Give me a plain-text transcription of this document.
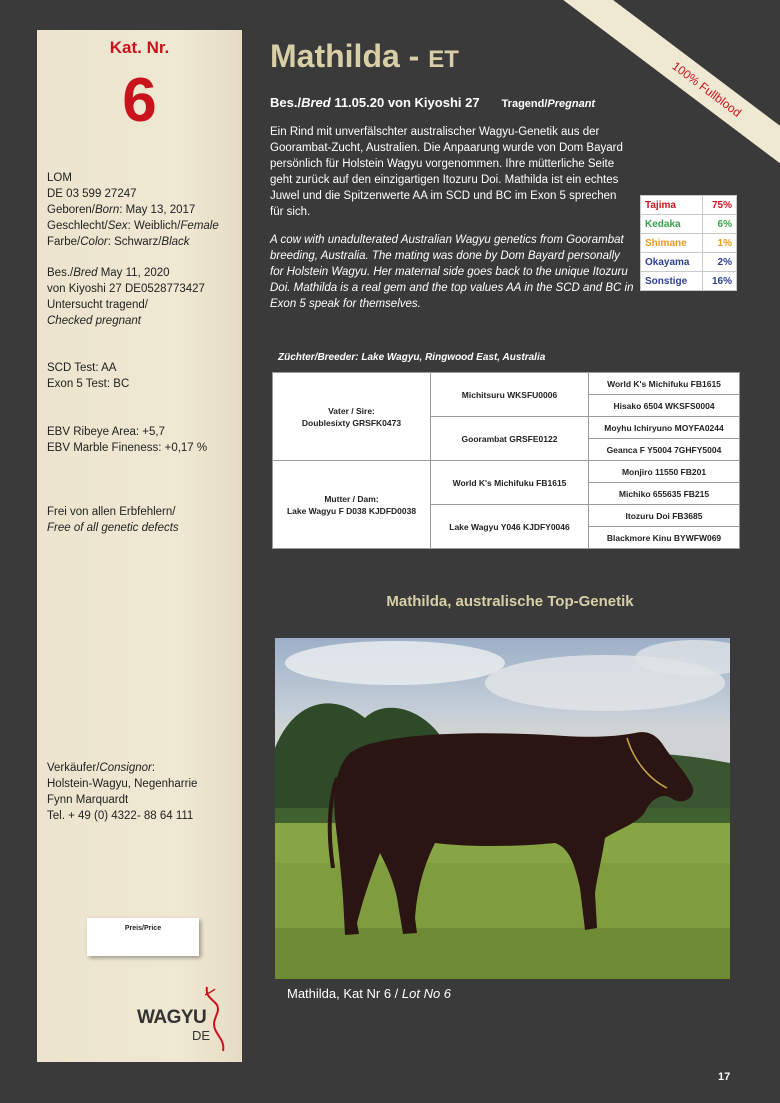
100% Fullblood
Kat. Nr.
6
LOM
DE 03 599 27247
Geboren/Born: May 13, 2017
Geschlecht/Sex: Weiblich/Female
Farbe/Color: Schwarz/Black
Bes./Bred May 11, 2020
von Kiyoshi 27 DE0528773427
Untersucht tragend/
Checked pregnant
SCD Test: AA
Exon 5 Test: BC
EBV Ribeye Area: +5,7
EBV Marble Fineness: +0,17 %
Frei von allen Erbfehlern/
Free of all genetic defects
Verkäufer/Consignor:
Holstein-Wagyu, Negenharrie
Fynn Marquardt
Tel. + 49 (0) 4322- 88 64 111
Preis/Price
WAGYU
DE
Mathilda - ET
Bes./Bred 11.05.20 von Kiyoshi 27 Tragend/Pregnant
Ein Rind mit unverfälschter australischer Wagyu-Genetik aus der Goorambat-Zucht, Australien. Die Anpaarung wurde von Dom Bayard persönlich für Holstein Wagyu vorgenommen. Ihre mütterliche Seite geht zurück auf den einzigartigen Itozuru Doi. Mathilda ist ein echtes Juwel und die Spitzenwerte AA im SCD und BC im Exon 5 sprechen für sich.
A cow with unadulterated Australian Wagyu genetics from Goorambat breeding, Australia. The mating was done by Dom Bayard personally for Holstein Wagyu. Her maternal side goes back to the unique Itozuru Doi. Mathilda is a real gem and the top values AA in the SCD and BC in Exon 5 speak for themselves.
Tajima	75%
Kedaka	6%
Shimane	1%
Okayama	2%
Sonstige	16%
Züchter/Breeder: Lake Wagyu, Ringwood East, Australia
Vater / Sire:
Doublesixty GRSFK0473	Michitsuru WKSFU0006	World K's Michifuku FB1615
		Hisako 6504 WKSFS0004
	Goorambat GRSFE0122	Moyhu Ichiryuno MOYFA0244
		Geanca F Y5004 7GHFY5004

Mutter / Dam:
Lake Wagyu F D038 KJDFD0038	World K's Michifuku FB1615	Monjiro 11550 FB201
		Michiko 655635 FB215
	Lake Wagyu Y046 KJDFY0046	Itozuru Doi FB3685
		Blackmore Kinu BYWFW069
Mathilda, australische Top-Genetik
Mathilda, Kat Nr 6 / Lot No 6
17
